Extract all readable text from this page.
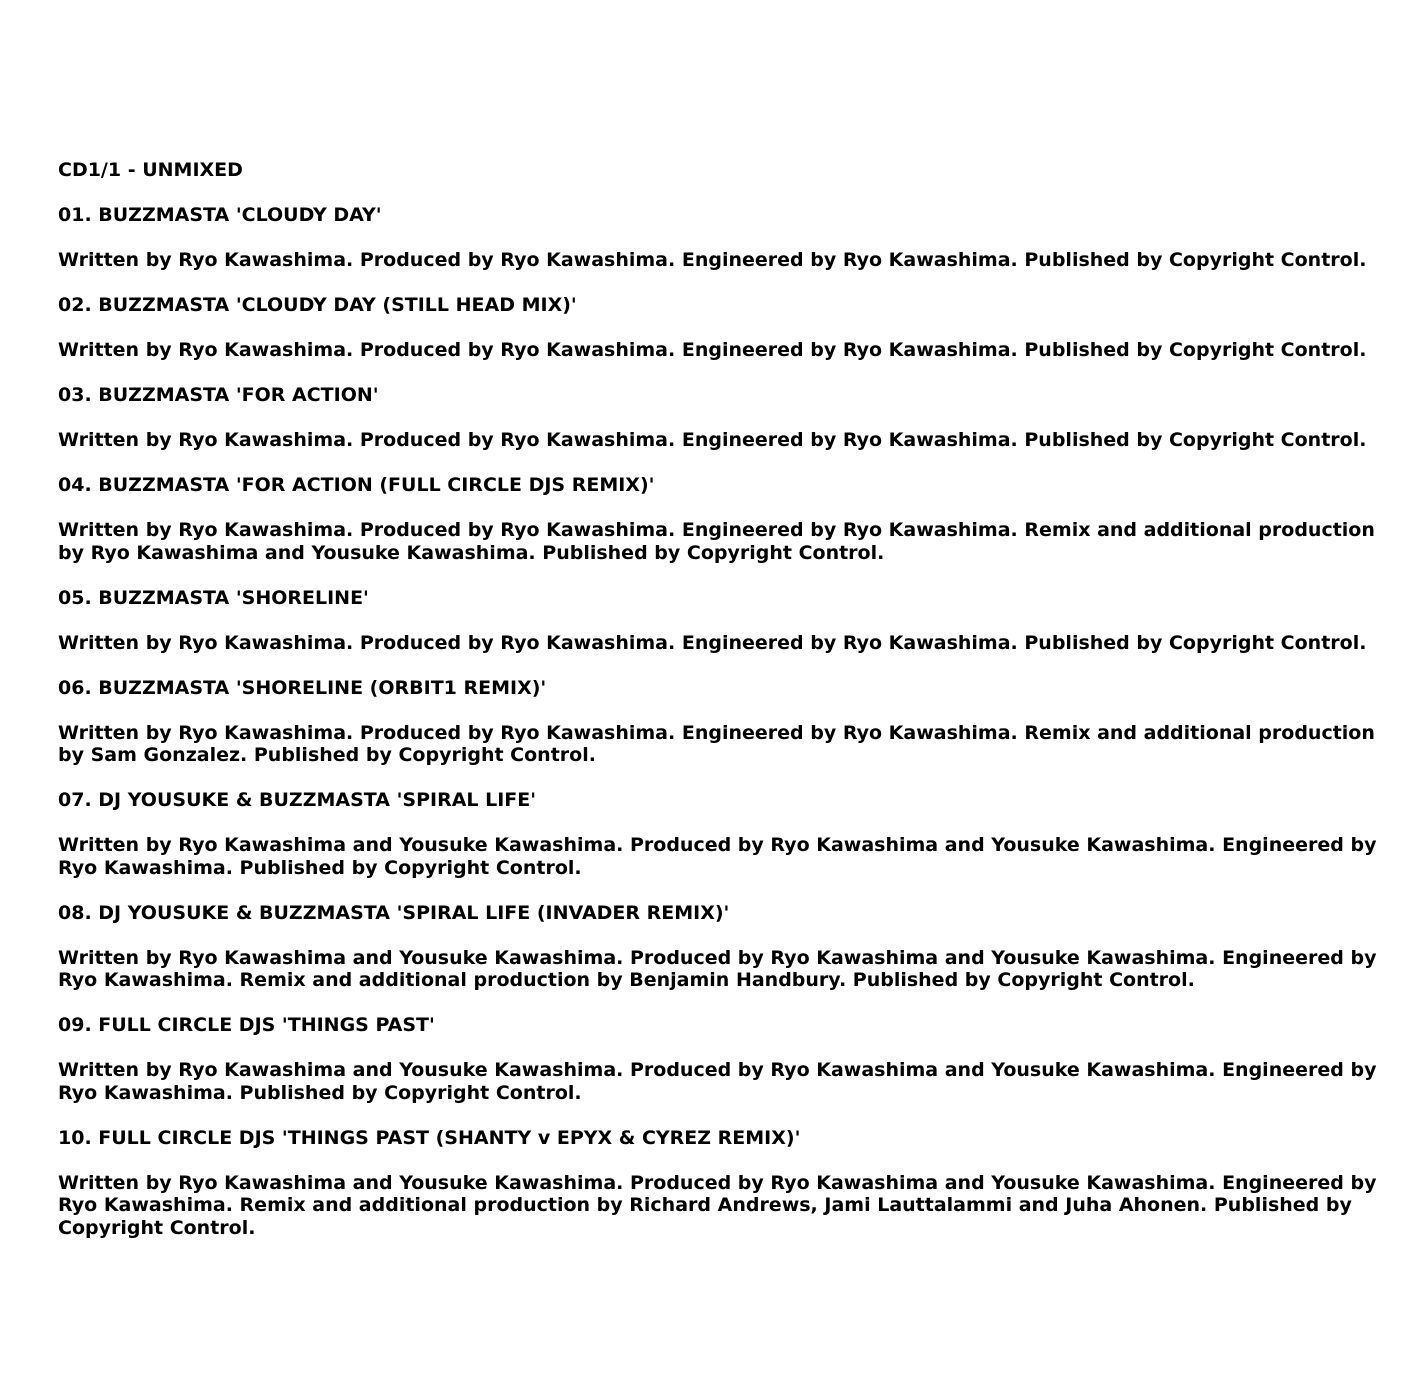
CD1/1 - UNMIXED
01. BUZZMASTA 'CLOUDY DAY'
Written by Ryo Kawashima. Produced by Ryo Kawashima. Engineered by Ryo Kawashima. Published by Copyright Control.
02. BUZZMASTA 'CLOUDY DAY (STILL HEAD MIX)'
Written by Ryo Kawashima. Produced by Ryo Kawashima. Engineered by Ryo Kawashima. Published by Copyright Control.
03. BUZZMASTA 'FOR ACTION'
Written by Ryo Kawashima. Produced by Ryo Kawashima. Engineered by Ryo Kawashima. Published by Copyright Control.
04. BUZZMASTA 'FOR ACTION (FULL CIRCLE DJS REMIX)'
Written by Ryo Kawashima. Produced by Ryo Kawashima. Engineered by Ryo Kawashima. Remix and additional production by Ryo Kawashima and Yousuke Kawashima. Published by Copyright Control.
05. BUZZMASTA 'SHORELINE'
Written by Ryo Kawashima. Produced by Ryo Kawashima. Engineered by Ryo Kawashima. Published by Copyright Control.
06. BUZZMASTA 'SHORELINE (ORBIT1 REMIX)'
Written by Ryo Kawashima. Produced by Ryo Kawashima. Engineered by Ryo Kawashima. Remix and additional production by Sam Gonzalez. Published by Copyright Control.
07. DJ YOUSUKE & BUZZMASTA 'SPIRAL LIFE'
Written by Ryo Kawashima and Yousuke Kawashima. Produced by Ryo Kawashima and Yousuke Kawashima. Engineered by Ryo Kawashima. Published by Copyright Control.
08. DJ YOUSUKE & BUZZMASTA 'SPIRAL LIFE (INVADER REMIX)'
Written by Ryo Kawashima and Yousuke Kawashima. Produced by Ryo Kawashima and Yousuke Kawashima. Engineered by Ryo Kawashima. Remix and additional production by Benjamin Handbury. Published by Copyright Control.
09. FULL CIRCLE DJS 'THINGS PAST'
Written by Ryo Kawashima and Yousuke Kawashima. Produced by Ryo Kawashima and Yousuke Kawashima. Engineered by Ryo Kawashima. Published by Copyright Control.
10. FULL CIRCLE DJS 'THINGS PAST (SHANTY v EPYX & CYREZ REMIX)'
Written by Ryo Kawashima and Yousuke Kawashima. Produced by Ryo Kawashima and Yousuke Kawashima. Engineered by Ryo Kawashima. Remix and additional production by Richard Andrews, Jami Lauttalammi and Juha Ahonen. Published by Copyright Control.
